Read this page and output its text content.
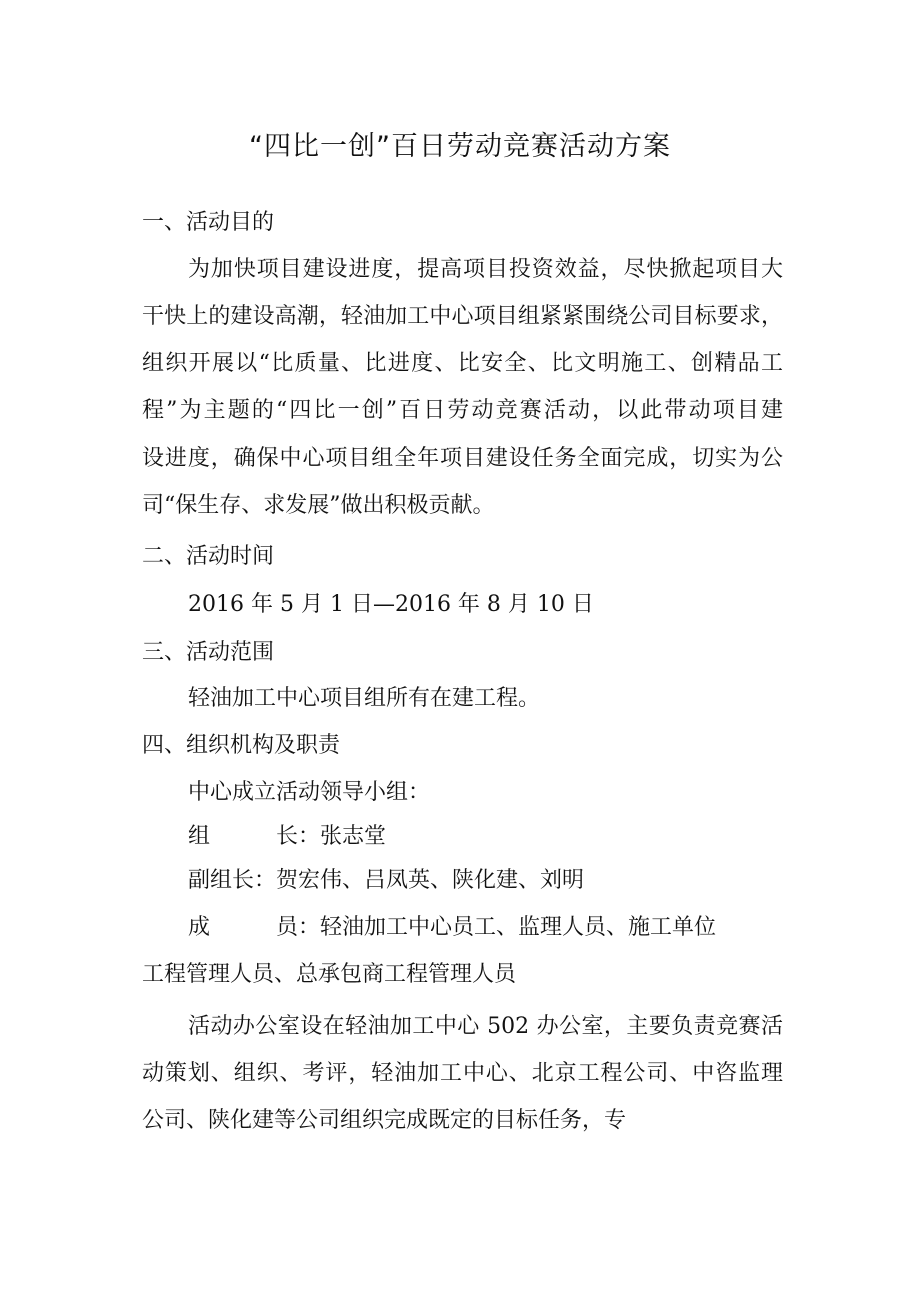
“四比一创”百日劳动竞赛活动方案
一、活动目的
为加快项目建设进度，提高项目投资效益，尽快掀起项目大
干快上的建设高潮，轻油加工中心项目组紧紧围绕公司目标要求，
组织开展以“比质量、比进度、比安全、比文明施工、创精品工
程”为主题的“四比一创”百日劳动竞赛活动，以此带动项目建
设进度，确保中心项目组全年项目建设任务全面完成，切实为公
司“保生存、求发展”做出积极贡献。
二、活动时间
2016 年 5 月 1 日—2016 年 8 月 10 日
三、活动范围
轻油加工中心项目组所有在建工程。
四、组织机构及职责
中心成立活动领导小组：
组　　　长：张志堂
副组长：贺宏伟、吕凤英、陕化建、刘明
成　　　员：轻油加工中心员工、监理人员、施工单位
工程管理人员、总承包商工程管理人员
活动办公室设在轻油加工中心 502 办公室，主要负责竞赛活
动策划、组织、考评，轻油加工中心、北京工程公司、中咨监理
公司、陕化建等公司组织完成既定的目标任务，专
